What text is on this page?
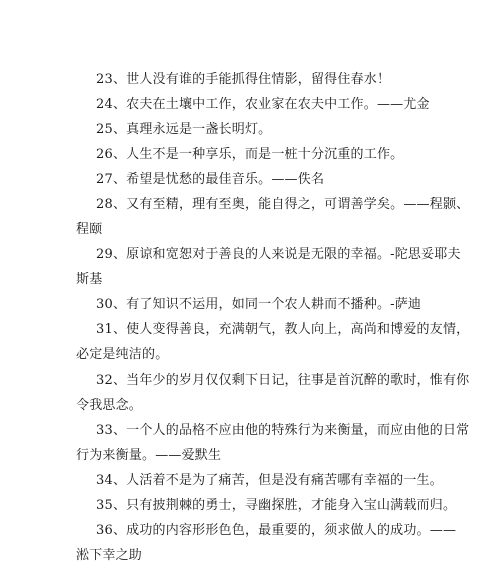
23、世人没有谁的手能抓得住情影，留得住春水！
24、农夫在土壤中工作，农业家在农夫中工作。——尤金
25、真理永远是一盏长明灯。
26、人生不是一种享乐，而是一桩十分沉重的工作。
27、希望是忧愁的最佳音乐。——佚名
28、又有至精，理有至奥，能自得之，可谓善学矣。——程颢、
程颐
29、原谅和宽恕对于善良的人来说是无限的幸福。-陀思妥耶夫
斯基
30、有了知识不运用，如同一个农人耕而不播种。-萨迪
31、使人变得善良，充满朝气，教人向上，高尚和博爱的友情，
必定是纯洁的。
32、当年少的岁月仅仅剩下日记，往事是首沉醉的歌时，惟有你
令我思念。
33、一个人的品格不应由他的特殊行为来衡量，而应由他的日常
行为来衡量。——爱默生
34、人活着不是为了痛苦，但是没有痛苦哪有幸福的一生。
35、只有披荆棘的勇士，寻幽探胜，才能身入宝山满载而归。
36、成功的内容形形色色，最重要的，须求做人的成功。——
淞下幸之助
